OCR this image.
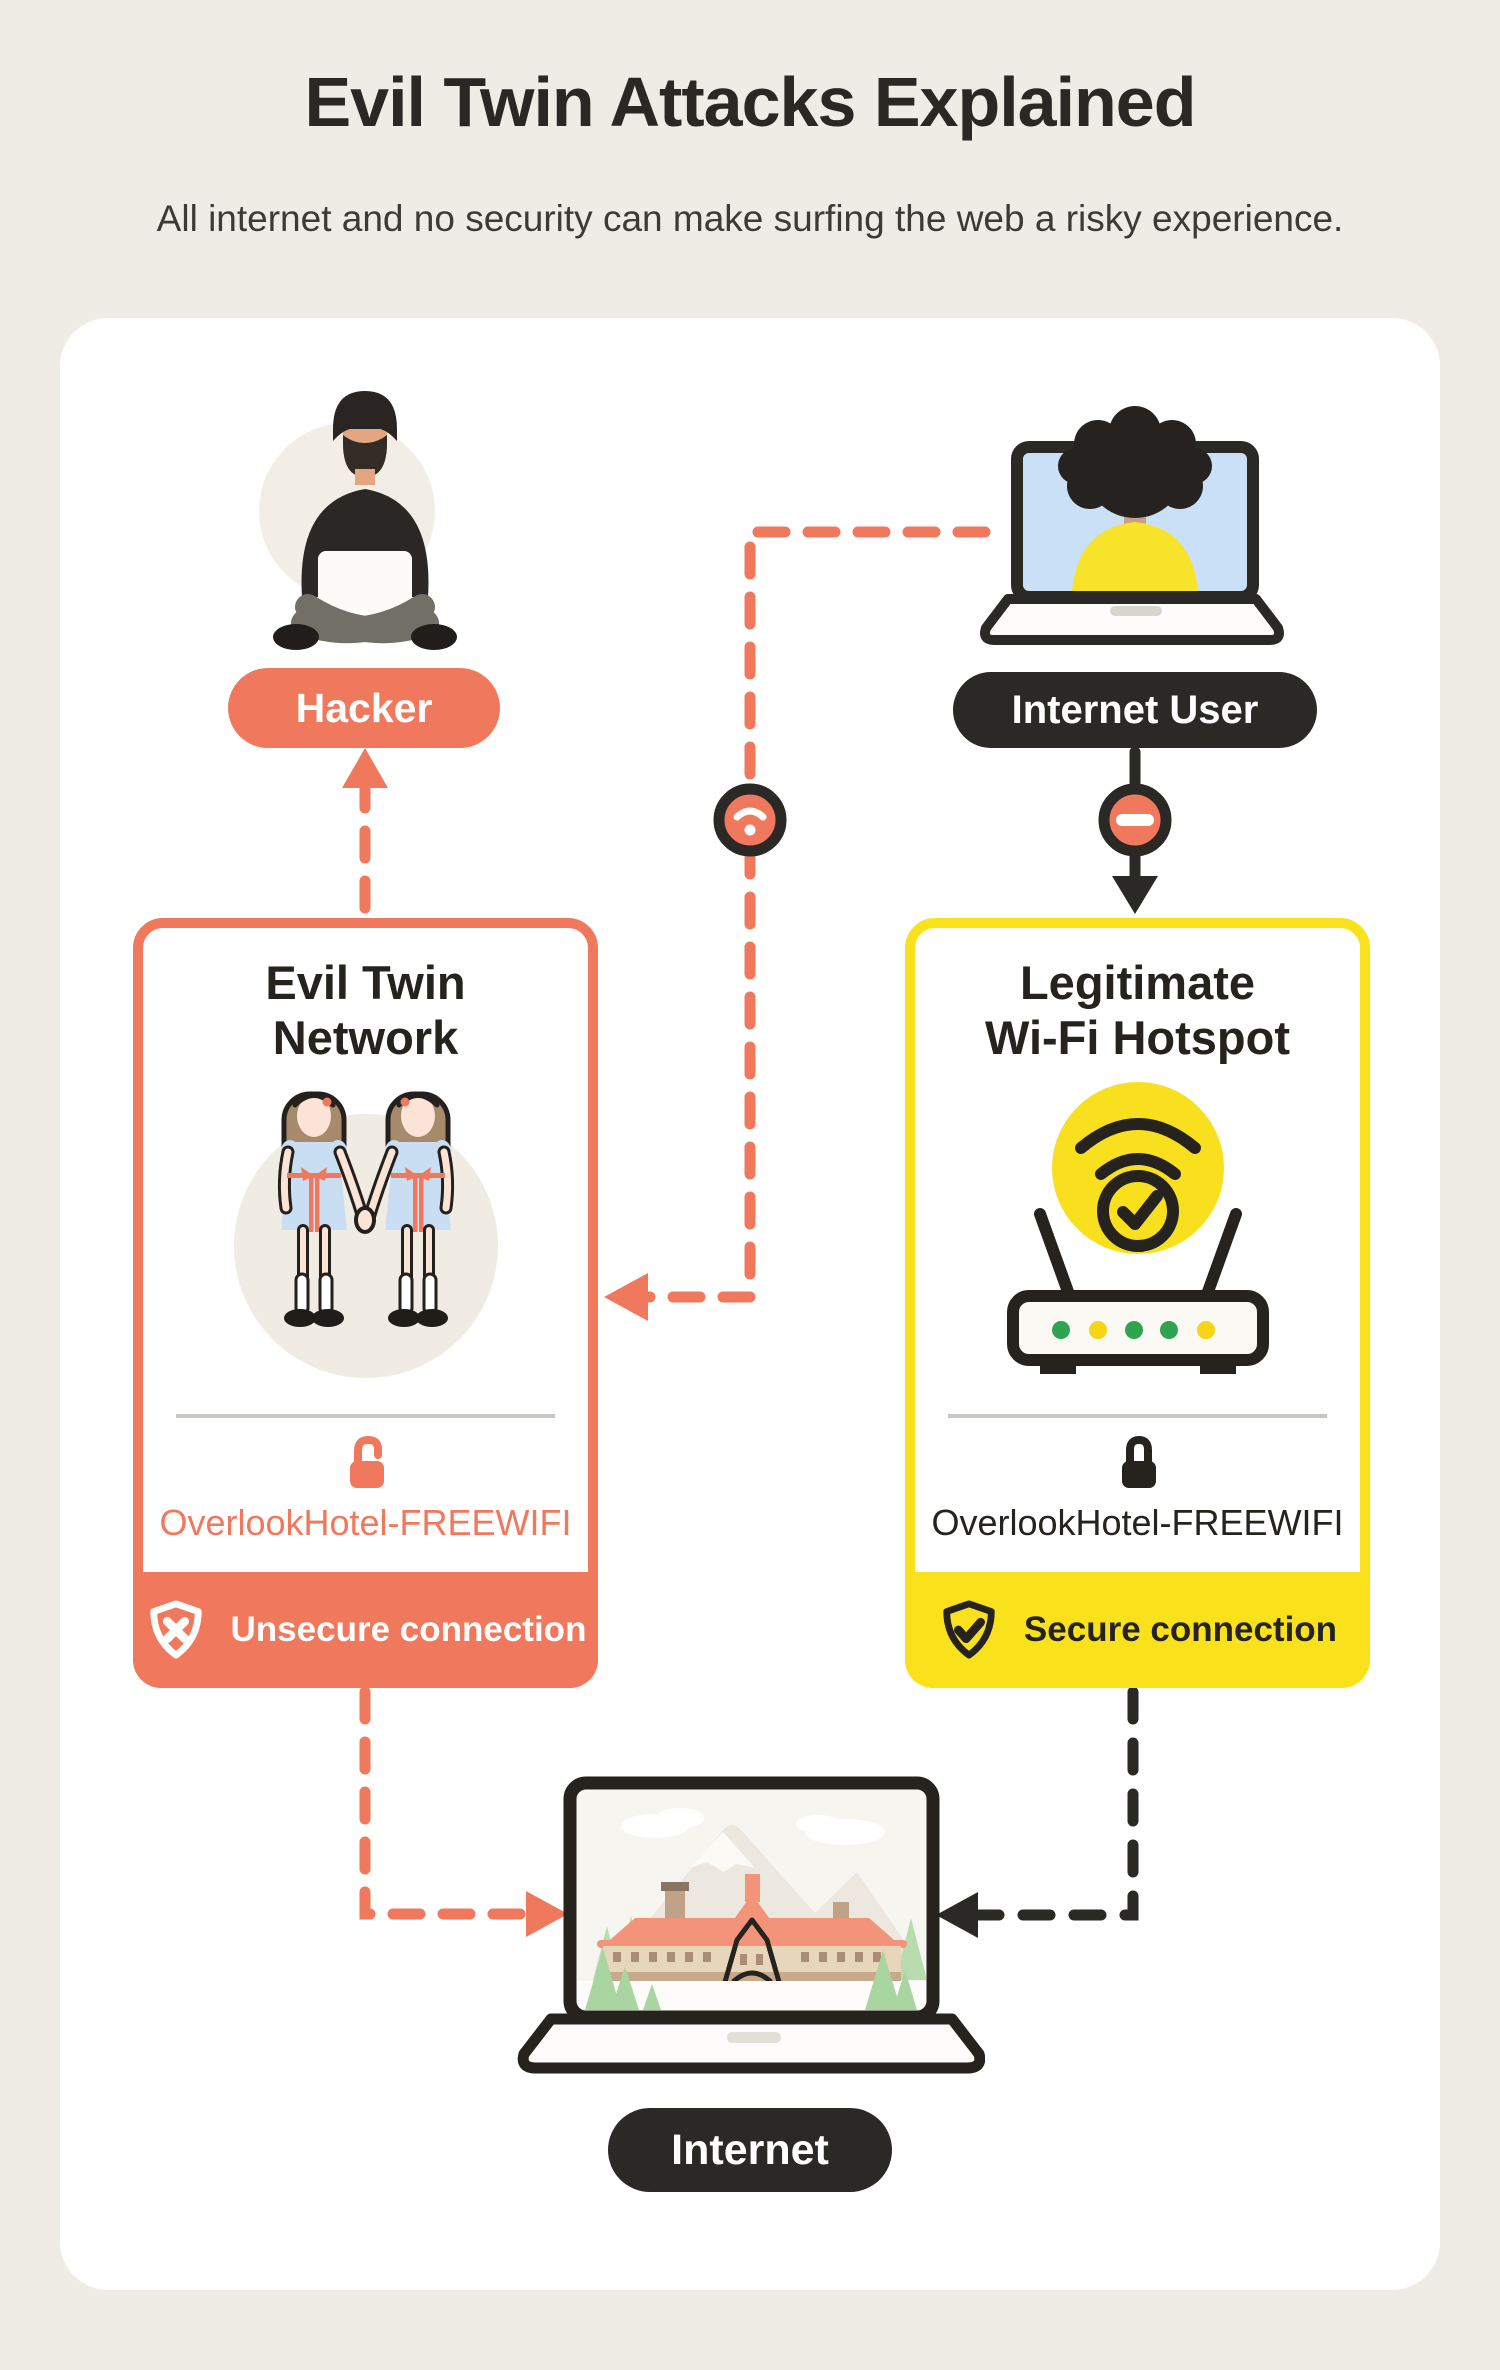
Evil Twin Attacks Explained
All internet and no security can make surfing the web a risky experience.
Hacker	Internet User
Evil Twin
Network
OverlookHotel-FREEWIFI
Unsecure connection
Legitimate
Wi-Fi Hotspot
OverlookHotel-FREEWIFI
Secure connection
Internet
